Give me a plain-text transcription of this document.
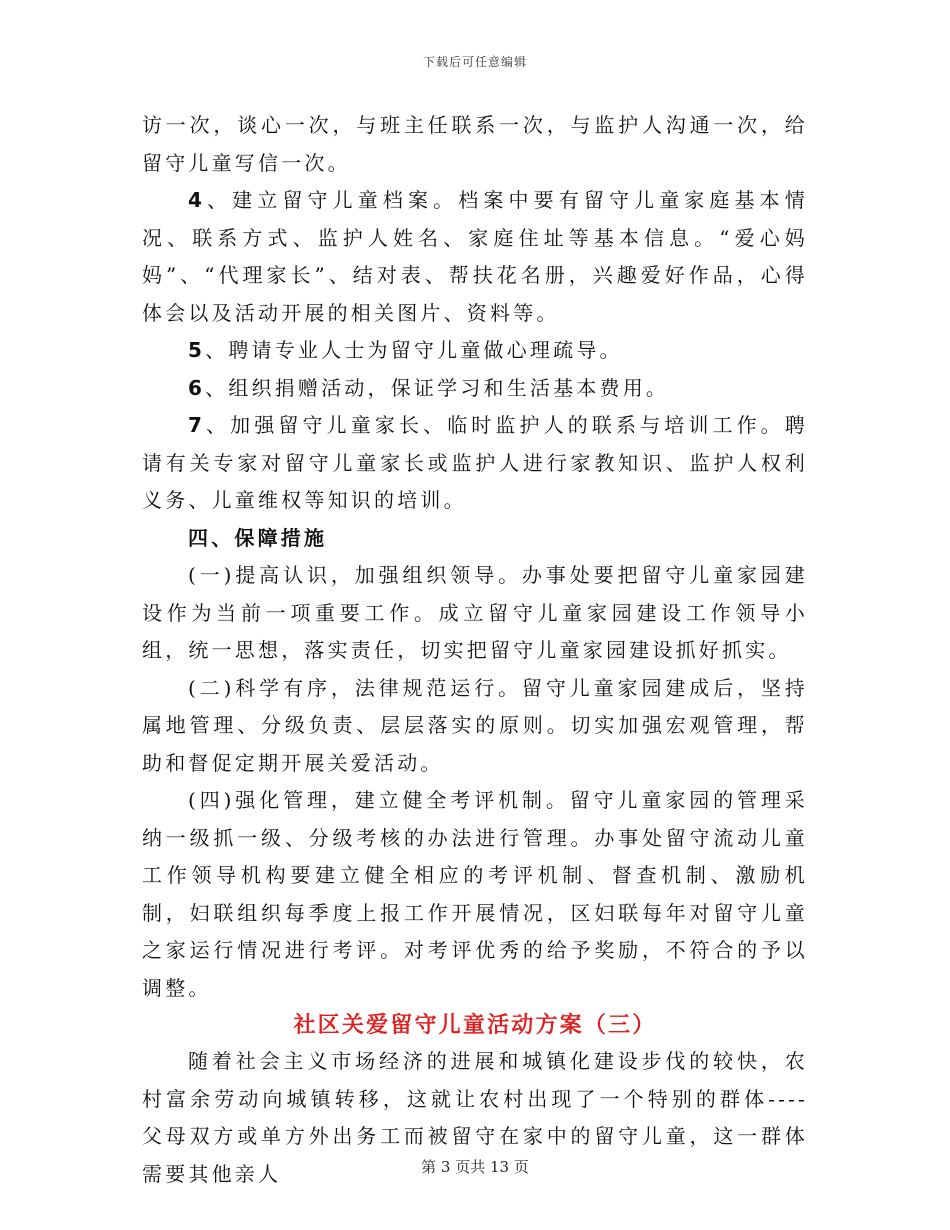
下载后可任意编辑

访一次，谈心一次，与班主任联系一次，与监护人沟通一次，给留守儿童写信一次。

4、建立留守儿童档案。档案中要有留守儿童家庭基本情况、联系方式、监护人姓名、家庭住址等基本信息。“爱心妈妈”、“代理家长”、结对表、帮扶花名册，兴趣爱好作品，心得体会以及活动开展的相关图片、资料等。

5、聘请专业人士为留守儿童做心理疏导。

6、组织捐赠活动，保证学习和生活基本费用。

7、加强留守儿童家长、临时监护人的联系与培训工作。聘请有关专家对留守儿童家长或监护人进行家教知识、监护人权利义务、儿童维权等知识的培训。

四、保障措施

(一)提高认识，加强组织领导。办事处要把留守儿童家园建设作为当前一项重要工作。成立留守儿童家园建设工作领导小组，统一思想，落实责任，切实把留守儿童家园建设抓好抓实。

(二)科学有序，法律规范运行。留守儿童家园建成后，坚持属地管理、分级负责、层层落实的原则。切实加强宏观管理，帮助和督促定期开展关爱活动。

(四)强化管理，建立健全考评机制。留守儿童家园的管理采纳一级抓一级、分级考核的办法进行管理。办事处留守流动儿童工作领导机构要建立健全相应的考评机制、督查机制、激励机制，妇联组织每季度上报工作开展情况，区妇联每年对留守儿童之家运行情况进行考评。对考评优秀的给予奖励，不符合的予以调整。

社区关爱留守儿童活动方案（三）

随着社会主义市场经济的进展和城镇化建设步伐的较快，农村富余劳动向城镇转移，这就让农村出现了一个特别的群体----父母双方或单方外出务工而被留守在家中的留守儿童，这一群体需要其他亲人	第 3 页共 13 页
